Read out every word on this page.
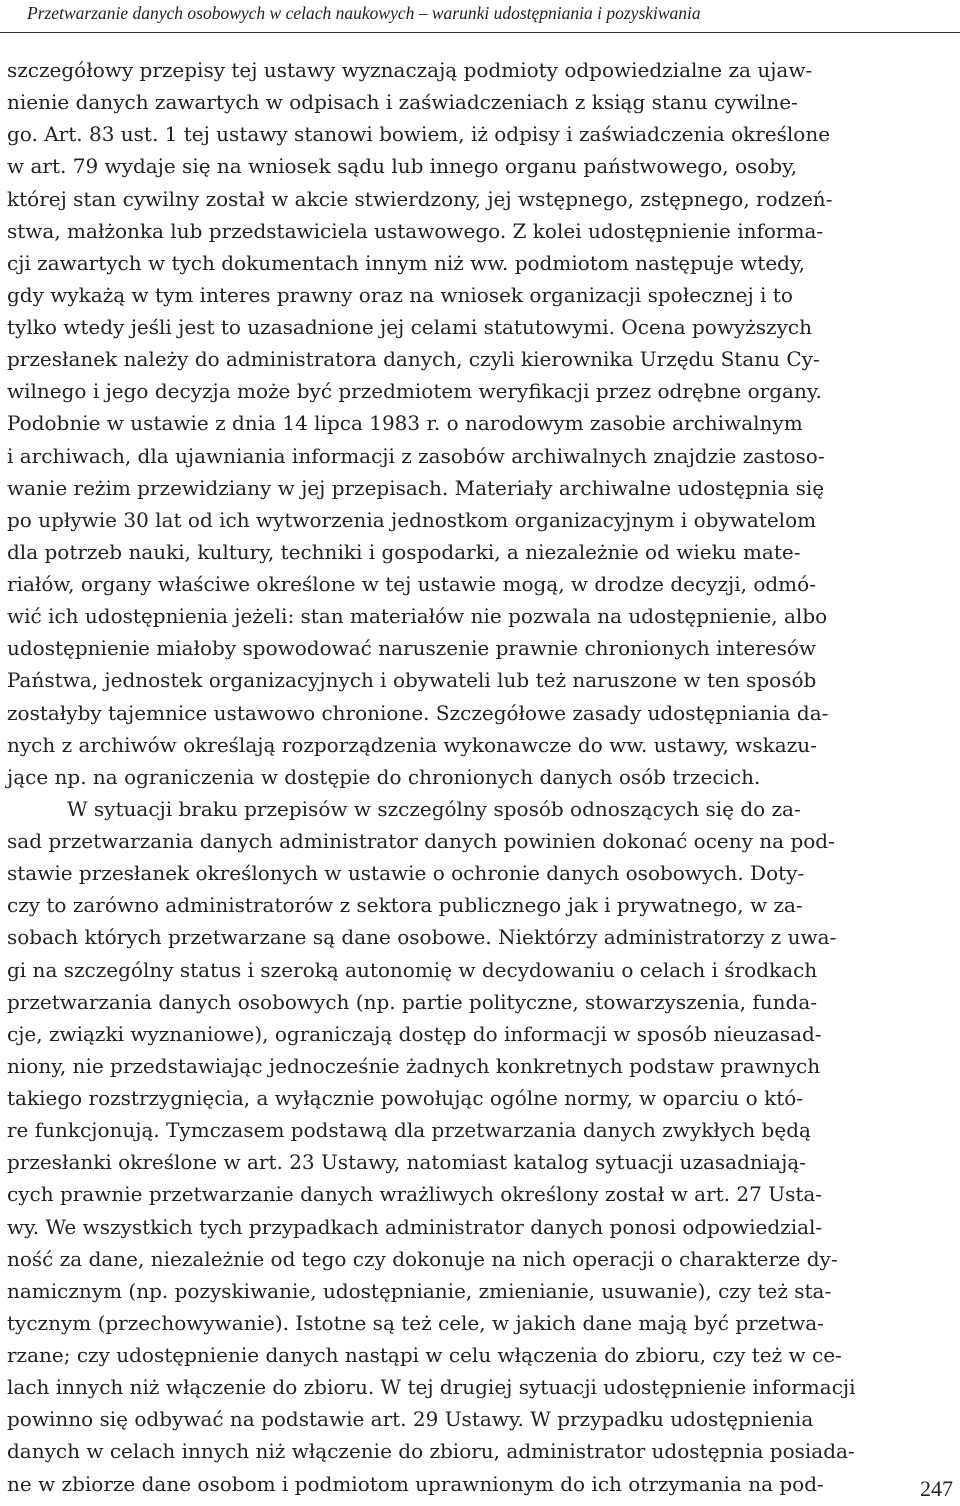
Przetwarzanie danych osobowych w celach naukowych – warunki udostępniania i pozyskiwania
szczegółowy przepisy tej ustawy wyznaczają podmioty odpowiedzialne za ujaw-
nienie danych zawartych w odpisach i zaświadczeniach z ksiąg stanu cywilne-
go. Art. 83 ust. 1 tej ustawy stanowi bowiem, iż odpisy i zaświadczenia określone
w art. 79 wydaje się na wniosek sądu lub innego organu państwowego, osoby,
której stan cywilny został w akcie stwierdzony, jej wstępnego, zstępnego, rodzeń-
stwa, małżonka lub przedstawiciela ustawowego. Z kolei udostępnienie informa-
cji zawartych w tych dokumentach innym niż ww. podmiotom następuje wtedy,
gdy wykażą w tym interes prawny oraz na wniosek organizacji społecznej i to
tylko wtedy jeśli jest to uzasadnione jej celami statutowymi. Ocena powyższych
przesłanek należy do administratora danych, czyli kierownika Urzędu Stanu Cy-
wilnego i jego decyzja może być przedmiotem weryfikacji przez odrębne organy.
Podobnie w ustawie z dnia 14 lipca 1983 r. o narodowym zasobie archiwalnym
i archiwach, dla ujawniania informacji z zasobów archiwalnych znajdzie zastoso-
wanie reżim przewidziany w jej przepisach. Materiały archiwalne udostępnia się
po upływie 30 lat od ich wytworzenia jednostkom organizacyjnym i obywatelom
dla potrzeb nauki, kultury, techniki i gospodarki, a niezależnie od wieku mate-
riałów, organy właściwe określone w tej ustawie mogą, w drodze decyzji, odmó-
wić ich udostępnienia jeżeli: stan materiałów nie pozwala na udostępnienie, albo
udostępnienie miałoby spowodować naruszenie prawnie chronionych interesów
Państwa, jednostek organizacyjnych i obywateli lub też naruszone w ten sposób
zostałyby tajemnice ustawowo chronione. Szczegółowe zasady udostępniania da-
nych z archiwów określają rozporządzenia wykonawcze do ww. ustawy, wskazu-
jące np. na ograniczenia w dostępie do chronionych danych osób trzecich.
W sytuacji braku przepisów w szczególny sposób odnoszących się do za-
sad przetwarzania danych administrator danych powinien dokonać oceny na pod-
stawie przesłanek określonych w ustawie o ochronie danych osobowych. Doty-
czy to zarówno administratorów z sektora publicznego jak i prywatnego, w za-
sobach których przetwarzane są dane osobowe. Niektórzy administratorzy z uwa-
gi na szczególny status i szeroką autonomię w decydowaniu o celach i środkach
przetwarzania danych osobowych (np. partie polityczne, stowarzyszenia, funda-
cje, związki wyznaniowe), ograniczają dostęp do informacji w sposób nieuzasad-
niony, nie przedstawiając jednocześnie żadnych konkretnych podstaw prawnych
takiego rozstrzygnięcia, a wyłącznie powołując ogólne normy, w oparciu o któ-
re funkcjonują. Tymczasem podstawą dla przetwarzania danych zwykłych będą
przesłanki określone w art. 23 Ustawy, natomiast katalog sytuacji uzasadniają-
cych prawnie przetwarzanie danych wrażliwych określony został w art. 27 Usta-
wy. We wszystkich tych przypadkach administrator danych ponosi odpowiedzial-
ność za dane, niezależnie od tego czy dokonuje na nich operacji o charakterze dy-
namicznym (np. pozyskiwanie, udostępnianie, zmienianie, usuwanie), czy też sta-
tycznym (przechowywanie). Istotne są też cele, w jakich dane mają być przetwa-
rzane; czy udostępnienie danych nastąpi w celu włączenia do zbioru, czy też w ce-
lach innych niż włączenie do zbioru. W tej drugiej sytuacji udostępnienie informacji
powinno się odbywać na podstawie art. 29 Ustawy. W przypadku udostępnienia
danych w celach innych niż włączenie do zbioru, administrator udostępnia posiada-
ne w zbiorze dane osobom i podmiotom uprawnionym do ich otrzymania na pod-	247
